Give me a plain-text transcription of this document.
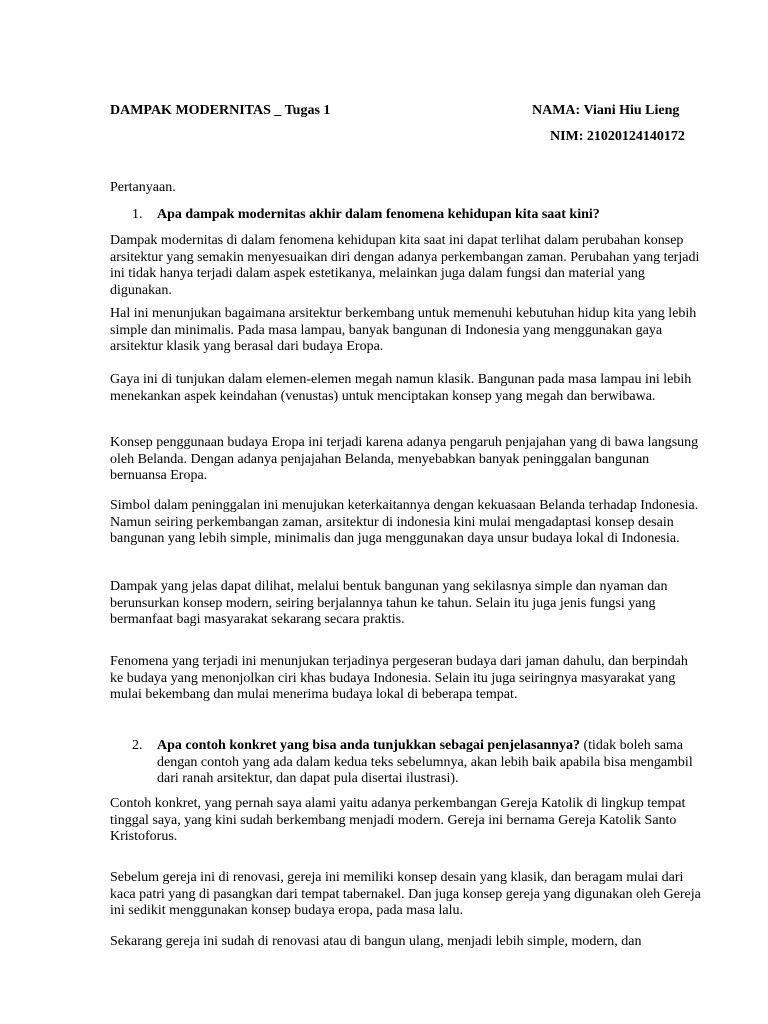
DAMPAK MODERNITAS _ Tugas 1	NAMA: Viani Hiu Lieng
NIM: 21020124140172
Pertanyaan.
1. Apa dampak modernitas akhir dalam fenomena kehidupan kita saat kini?

Dampak modernitas di dalam fenomena kehidupan kita saat ini dapat terlihat dalam perubahan konsep arsitektur yang semakin menyesuaikan diri dengan adanya perkembangan zaman. Perubahan yang terjadi ini tidak hanya terjadi dalam aspek estetikanya, melainkan juga dalam fungsi dan material yang digunakan.

Hal ini menunjukan bagaimana arsitektur berkembang untuk memenuhi kebutuhan hidup kita yang lebih simple dan minimalis. Pada masa lampau, banyak bangunan di Indonesia yang menggunakan gaya arsitektur klasik yang berasal dari budaya Eropa.

Gaya ini di tunjukan dalam elemen-elemen megah namun klasik. Bangunan pada masa lampau ini lebih menekankan aspek keindahan (venustas) untuk menciptakan konsep yang megah dan berwibawa.

Konsep penggunaan budaya Eropa ini terjadi karena adanya pengaruh penjajahan yang di bawa langsung oleh Belanda. Dengan adanya penjajahan Belanda, menyebabkan banyak peninggalan bangunan bernuansa Eropa.

Simbol dalam peninggalan ini menujukan keterkaitannya dengan kekuasaan Belanda terhadap Indonesia. Namun seiring perkembangan zaman, arsitektur di indonesia kini mulai mengadaptasi konsep desain bangunan yang lebih simple, minimalis dan juga menggunakan daya unsur budaya lokal di Indonesia.

Dampak yang jelas dapat dilihat, melalui bentuk bangunan yang sekilasnya simple dan nyaman dan berunsurkan konsep modern, seiring berjalannya tahun ke tahun. Selain itu juga jenis fungsi yang bermanfaat bagi masyarakat sekarang secara praktis.

Fenomena yang terjadi ini menunjukan terjadinya pergeseran budaya dari jaman dahulu, dan berpindah ke budaya yang menonjolkan ciri khas budaya Indonesia. Selain itu juga seiringnya masyarakat yang mulai bekembang dan mulai menerima budaya lokal di beberapa tempat.

2. Apa contoh konkret yang bisa anda tunjukkan sebagai penjelasannya? (tidak boleh sama dengan contoh yang ada dalam kedua teks sebelumnya, akan lebih baik apabila bisa mengambil dari ranah arsitektur, dan dapat pula disertai ilustrasi).

Contoh konkret, yang pernah saya alami yaitu adanya perkembangan Gereja Katolik di lingkup tempat tinggal saya, yang kini sudah berkembang menjadi modern. Gereja ini bernama Gereja Katolik Santo Kristoforus.

Sebelum gereja ini di renovasi, gereja ini memiliki konsep desain yang klasik, dan beragam mulai dari kaca patri yang di pasangkan dari tempat tabernakel. Dan juga konsep gereja yang digunakan oleh Gereja ini sedikit menggunakan konsep budaya eropa, pada masa lalu.

Sekarang gereja ini sudah di renovasi atau di bangun ulang, menjadi lebih simple, modern, dan
